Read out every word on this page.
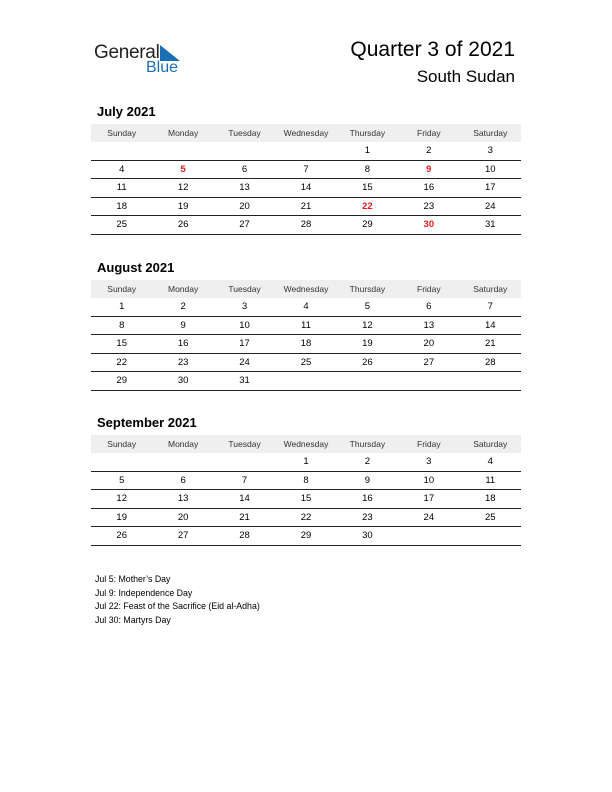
General
Blue
Quarter 3 of 2021
South Sudan
July 2021
Sunday	Monday	Tuesday	Wednesday	Thursday	Friday	Saturday
				1	2	3
4	5	6	7	8	9	10
11	12	13	14	15	16	17
18	19	20	21	22	23	24
25	26	27	28	29	30	31
August 2021
Sunday	Monday	Tuesday	Wednesday	Thursday	Friday	Saturday
1	2	3	4	5	6	7
8	9	10	11	12	13	14
15	16	17	18	19	20	21
22	23	24	25	26	27	28
29	30	31				
September 2021
Sunday	Monday	Tuesday	Wednesday	Thursday	Friday	Saturday
			1	2	3	4
5	6	7	8	9	10	11
12	13	14	15	16	17	18
19	20	21	22	23	24	25
26	27	28	29	30		
Jul 5: Mother’s Day
Jul 9: Independence Day
Jul 22: Feast of the Sacrifice (Eid al-Adha)
Jul 30: Martyrs Day
